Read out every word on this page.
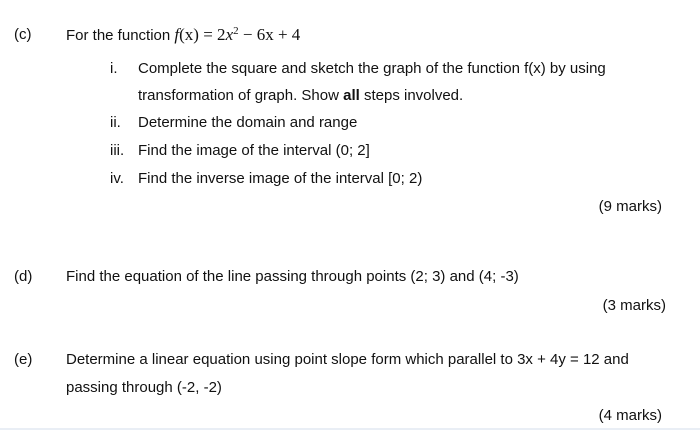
(c) For the function $f(x) = 2x^2 - 6x + 4$
i. Complete the square and sketch the graph of the function f(x) by using
transformation of graph. Show all steps involved.
ii. Determine the domain and range
iii. Find the image of the interval (0; 2]
iv. Find the inverse image of the interval [0; 2)
(9 marks)
(d) Find the equation of the line passing through points (2; 3) and (4; -3)
(3 marks)
(e) Determine a linear equation using point slope form which parallel to 3x + 4y = 12 and
passing through (-2, -2)
(4 marks)
